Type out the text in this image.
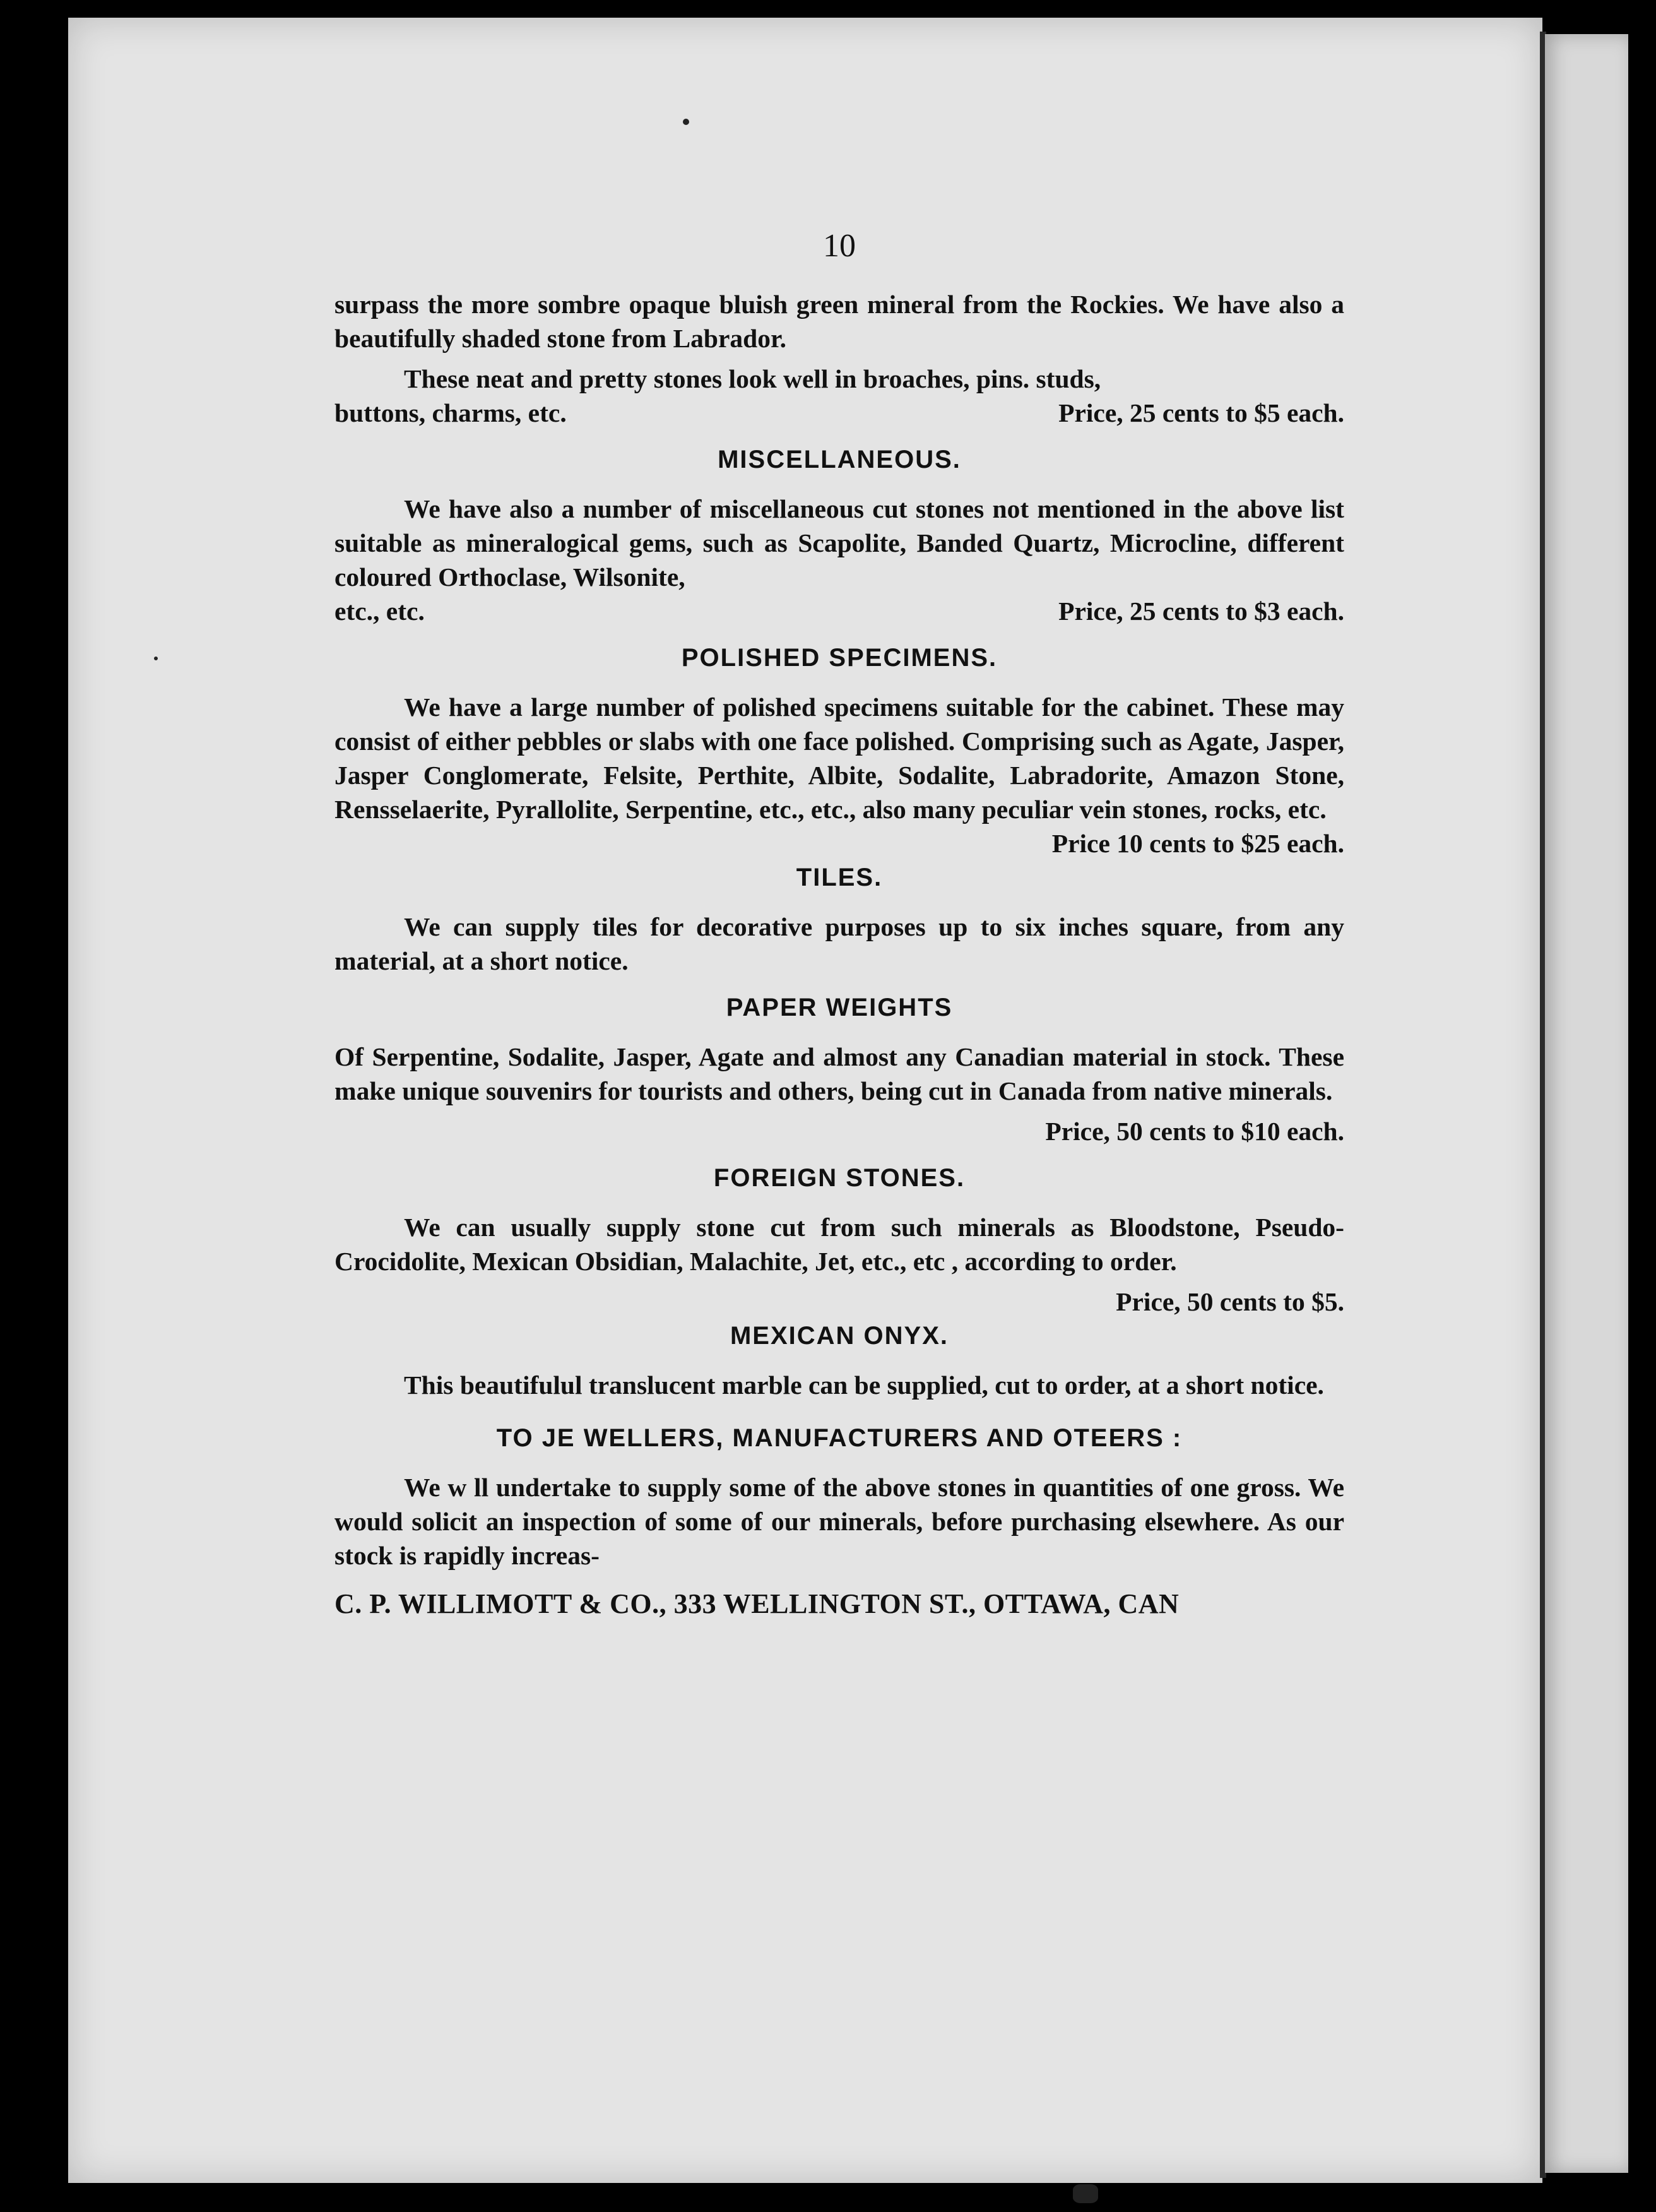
10

surpass the more sombre opaque bluish green mineral from the Rockies. We have also a beautifully shaded stone from Labrador.

These neat and pretty stones look well in broaches, pins. studs,

buttons, charms, etc.	Price, 25 cents to $5 each.
MISCELLANEOUS.

We have also a number of miscellaneous cut stones not mentioned in the above list suitable as mineralogical gems, such as Scapolite, Banded Quartz, Microcline, different coloured Orthoclase, Wilsonite,

etc., etc.	Price, 25 cents to $3 each.
POLISHED SPECIMENS.

We have a large number of polished specimens suitable for the cabinet. These may consist of either pebbles or slabs with one face polished. Comprising such as Agate, Jasper, Jasper Conglomerate, Felsite, Perthite, Albite, Sodalite, Labradorite, Amazon Stone, Rensselaerite, Pyrallolite, Serpentine, etc., etc., also many peculiar vein stones, rocks, etc.

Price 10 cents to $25 each.

TILES.

We can supply tiles for decorative purposes up to six inches square, from any material, at a short notice.

PAPER WEIGHTS

Of Serpentine, Sodalite, Jasper, Agate and almost any Canadian material in stock. These make unique souvenirs for tourists and others, being cut in Canada from native minerals.

Price, 50 cents to $10 each.

FOREIGN STONES.

We can usually supply stone cut from such minerals as Bloodstone, Pseudo-Crocidolite, Mexican Obsidian, Malachite, Jet, etc., etc , according to order.

Price, 50 cents to $5.

MEXICAN ONYX.

This beautifulul translucent marble can be supplied, cut to order, at a short notice.

TO JE WELLERS, MANUFACTURERS AND OTEERS :

We w ll undertake to supply some of the above stones in quantities of one gross. We would solicit an inspection of some of our minerals, before purchasing elsewhere. As our stock is rapidly increas-

C. P. WILLIMOTT & CO., 333 WELLINGTON ST., OTTAWA, CAN
